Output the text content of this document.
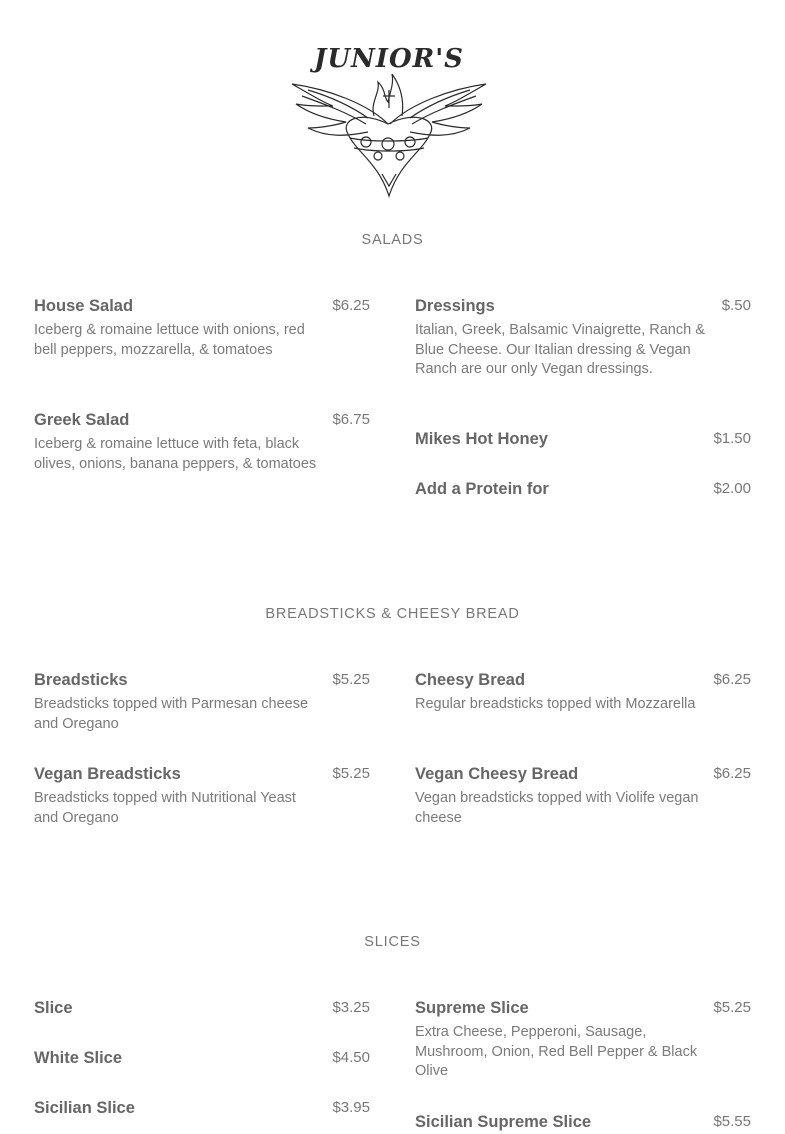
JUNIOR'S
SALADS
House Salad	$6.25
Iceberg & romaine lettuce with onions, red bell peppers, mozzarella, & tomatoes
Greek Salad	$6.75
Iceberg & romaine lettuce with feta, black olives, onions, banana peppers, & tomatoes
Dressings	$.50
Italian, Greek, Balsamic Vinaigrette, Ranch & Blue Cheese. Our Italian dressing & Vegan Ranch are our only Vegan dressings.
Mikes Hot Honey	$1.50
Add a Protein for	$2.00
BREADSTICKS & CHEESY BREAD
Breadsticks	$5.25
Breadsticks topped with Parmesan cheese and Oregano
Vegan Breadsticks	$5.25
Breadsticks topped with Nutritional Yeast and Oregano
Cheesy Bread	$6.25
Regular breadsticks topped with Mozzarella
Vegan Cheesy Bread	$6.25
Vegan breadsticks topped with Violife vegan cheese
SLICES
Slice	$3.25
White Slice	$4.50
Sicilian Slice	$3.95
Supreme Slice	$5.25
Extra Cheese, Pepperoni, Sausage, Mushroom, Onion, Red Bell Pepper & Black Olive
Sicilian Supreme Slice	$5.55
